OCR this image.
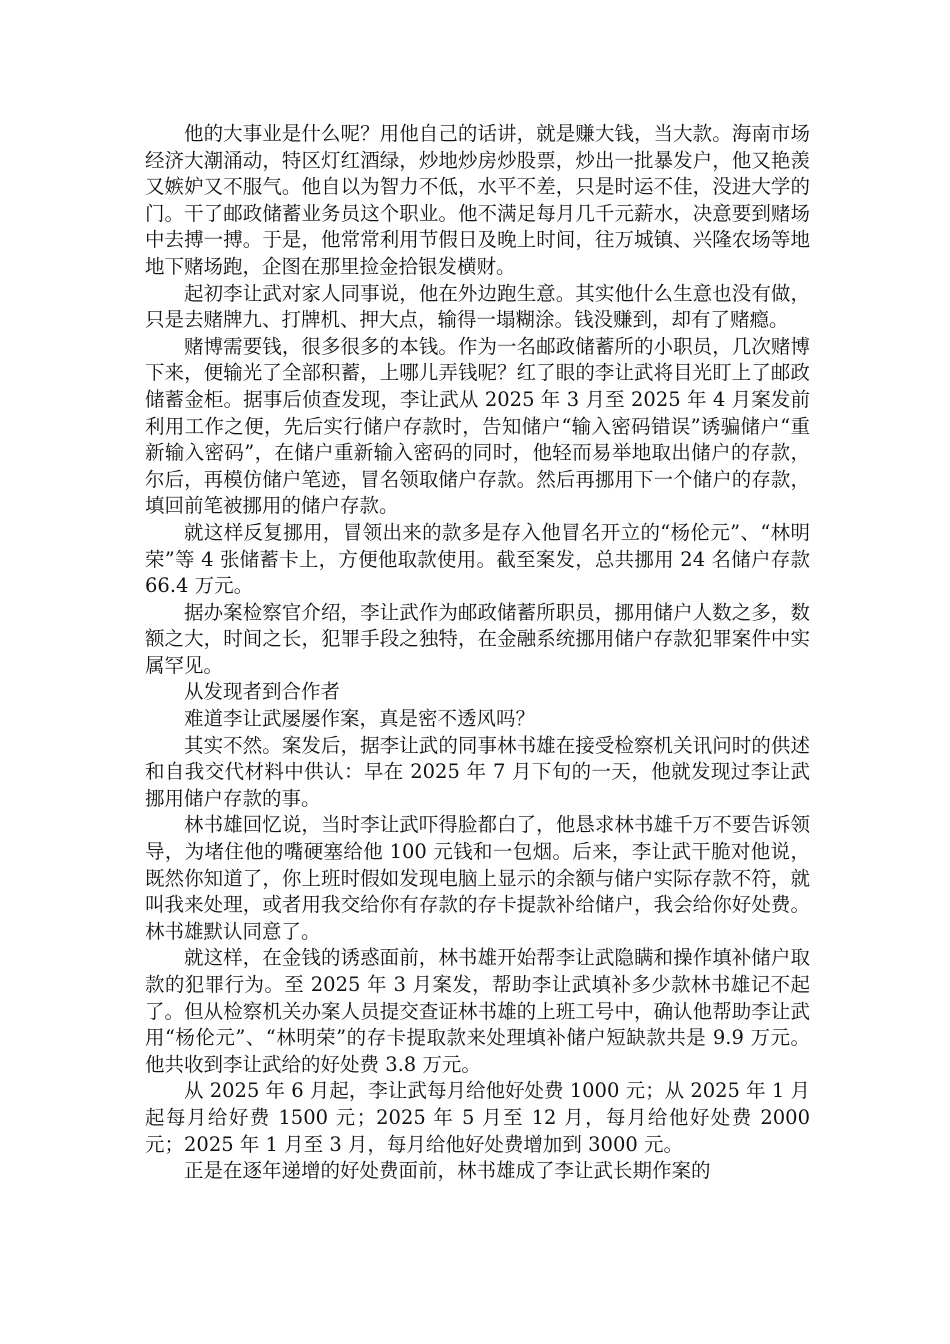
他的大事业是什么呢？用他自己的话讲，就是赚大钱，当大款。海南市场经济大潮涌动，特区灯红酒绿，炒地炒房炒股票，炒出一批暴发户，他又艳羡又嫉妒又不服气。他自以为智力不低，水平不差，只是时运不佳，没进大学的门。干了邮政储蓄业务员这个职业。他不满足每月几千元薪水，决意要到赌场中去搏一搏。于是，他常常利用节假日及晚上时间，往万城镇、兴隆农场等地地下赌场跑，企图在那里捡金拾银发横财。

起初李让武对家人同事说，他在外边跑生意。其实他什么生意也没有做，只是去赌牌九、打牌机、押大点，输得一塌糊涂。钱没赚到，却有了赌瘾。

赌博需要钱，很多很多的本钱。作为一名邮政储蓄所的小职员，几次赌博下来，便输光了全部积蓄，上哪儿弄钱呢？红了眼的李让武将目光盯上了邮政储蓄金柜。据事后侦查发现，李让武从 2025 年 3 月至 2025 年 4 月案发前利用工作之便，先后实行储户存款时，告知储户“输入密码错误”诱骗储户“重新输入密码”，在储户重新输入密码的同时，他轻而易举地取出储户的存款，尔后，再模仿储户笔迹，冒名领取储户存款。然后再挪用下一个储户的存款，填回前笔被挪用的储户存款。

就这样反复挪用，冒领出来的款多是存入他冒名开立的“杨伦元”、“林明荣”等 4 张储蓄卡上，方便他取款使用。截至案发，总共挪用 24 名储户存款 66.4 万元。

据办案检察官介绍，李让武作为邮政储蓄所职员，挪用储户人数之多，数额之大，时间之长，犯罪手段之独特，在金融系统挪用储户存款犯罪案件中实属罕见。

从发现者到合作者

难道李让武屡屡作案，真是密不透风吗？

其实不然。案发后，据李让武的同事林书雄在接受检察机关讯问时的供述和自我交代材料中供认：早在 2025 年 7 月下旬的一天，他就发现过李让武挪用储户存款的事。

林书雄回忆说，当时李让武吓得脸都白了，他恳求林书雄千万不要告诉领导，为堵住他的嘴硬塞给他 100 元钱和一包烟。后来，李让武干脆对他说，既然你知道了，你上班时假如发现电脑上显示的余额与储户实际存款不符，就叫我来处理，或者用我交给你有存款的存卡提款补给储户，我会给你好处费。林书雄默认同意了。

就这样，在金钱的诱惑面前，林书雄开始帮李让武隐瞒和操作填补储户取款的犯罪行为。至 2025 年 3 月案发，帮助李让武填补多少款林书雄记不起了。但从检察机关办案人员提交查证林书雄的上班工号中，确认他帮助李让武用“杨伦元”、“林明荣”的存卡提取款来处理填补储户短缺款共是 9.9 万元。他共收到李让武给的好处费 3.8 万元。

从 2025 年 6 月起，李让武每月给他好处费 1000 元；从 2025 年 1 月起每月给好费 1500 元；2025 年 5 月至 12 月，每月给他好处费 2000 元；2025 年 1 月至 3 月，每月给他好处费增加到 3000 元。

正是在逐年递增的好处费面前，林书雄成了李让武长期作案的
